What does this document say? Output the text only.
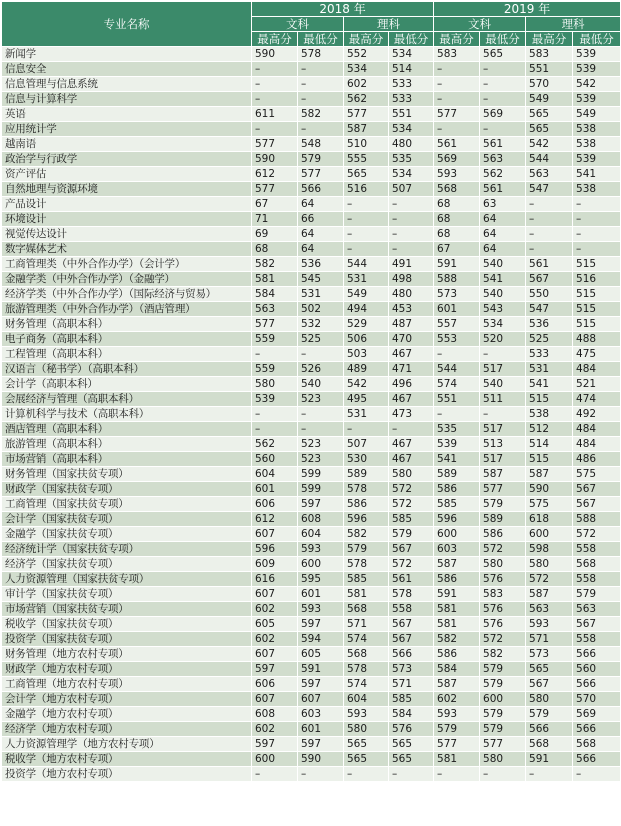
专业名称	2018 年				2019 年			
	文科		理科		文科		理科	
	最高分	最低分	最高分	最低分	最高分	最低分	最高分	最低分
新闻学	590	578	552	534	583	565	583	539
信息安全	–	–	534	514	–	–	551	539
信息管理与信息系统	–	–	602	533	–	–	570	542
信息与计算科学	–	–	562	533	–	–	549	539
英语	611	582	577	551	577	569	565	549
应用统计学	–	–	587	534	–	–	565	538
越南语	577	548	510	480	561	561	542	538
政治学与行政学	590	579	555	535	569	563	544	539
资产评估	612	577	565	534	593	562	563	541
自然地理与资源环境	577	566	516	507	568	561	547	538
产品设计	67	64	–	–	68	63	–	–
环境设计	71	66	–	–	68	64	–	–
视觉传达设计	69	64	–	–	68	64	–	–
数字媒体艺术	68	64	–	–	67	64	–	–
工商管理类（中外合作办学）（会计学）	582	536	544	491	591	540	561	515
金融学类（中外合作办学）（金融学）	581	545	531	498	588	541	567	516
经济学类（中外合作办学）（国际经济与贸易）	584	531	549	480	573	540	550	515
旅游管理类（中外合作办学）（酒店管理）	563	502	494	453	601	543	547	515
财务管理（高职本科）	577	532	529	487	557	534	536	515
电子商务（高职本科）	559	525	506	470	553	520	525	488
工程管理（高职本科）	–	–	503	467	–	–	533	475
汉语言（秘书学）（高职本科）	559	526	489	471	544	517	531	484
会计学（高职本科）	580	540	542	496	574	540	541	521
会展经济与管理（高职本科）	539	523	495	467	551	511	515	474
计算机科学与技术（高职本科）	–	–	531	473	–	–	538	492
酒店管理（高职本科）	–	–	–	–	535	517	512	484
旅游管理（高职本科）	562	523	507	467	539	513	514	484
市场营销（高职本科）	560	523	530	467	541	517	515	486
财务管理（国家扶贫专项）	604	599	589	580	589	587	587	575
财政学（国家扶贫专项）	601	599	578	572	586	577	590	567
工商管理（国家扶贫专项）	606	597	586	572	585	579	575	567
会计学（国家扶贫专项）	612	608	596	585	596	589	618	588
金融学（国家扶贫专项）	607	604	582	579	600	586	600	572
经济统计学（国家扶贫专项）	596	593	579	567	603	572	598	558
经济学（国家扶贫专项）	609	600	578	572	587	580	580	568
人力资源管理（国家扶贫专项）	616	595	585	561	586	576	572	558
审计学（国家扶贫专项）	607	601	581	578	591	583	587	579
市场营销（国家扶贫专项）	602	593	568	558	581	576	563	563
税收学（国家扶贫专项）	605	597	571	567	581	576	593	567
投资学（国家扶贫专项）	602	594	574	567	582	572	571	558
财务管理（地方农村专项）	607	605	568	566	586	582	573	566
财政学（地方农村专项）	597	591	578	573	584	579	565	560
工商管理（地方农村专项）	606	597	574	571	587	579	567	566
会计学（地方农村专项）	607	607	604	585	602	600	580	570
金融学（地方农村专项）	608	603	593	584	593	579	579	569
经济学（地方农村专项）	602	601	580	576	579	579	566	566
人力资源管理学（地方农村专项）	597	597	565	565	577	577	568	568
税收学（地方农村专项）	600	590	565	565	581	580	591	566
投资学（地方农村专项）	–	–	–	–	–	–	–	–
